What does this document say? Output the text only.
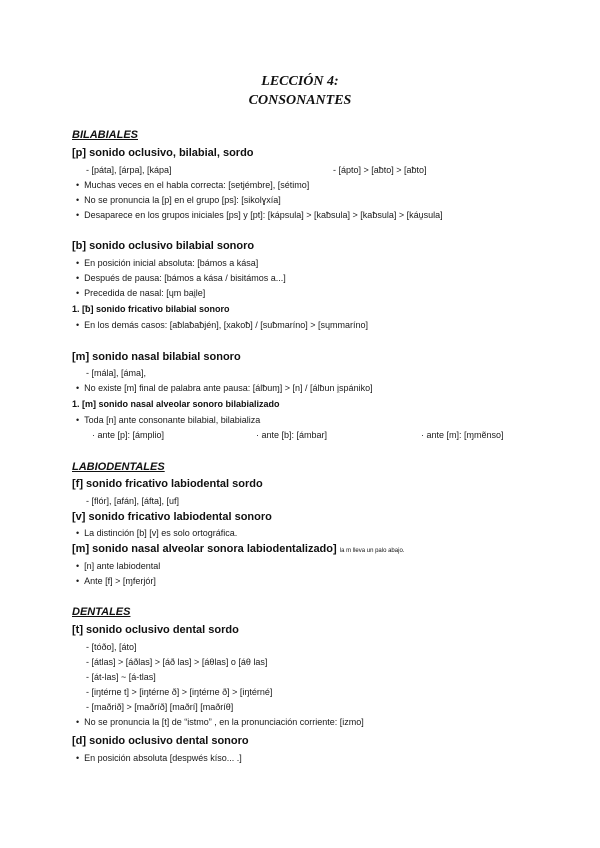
LECCIÓN 4:
CONSONANTES
BILABIALES
[p] sonido oclusivo, bilabial, sordo
- [páta], [árpa], [kápa]	- [ápto] > [aƀto] > [aƀto]
• Muchas veces en el habla correcta: [setjémbre], [sétimo]
• No se pronuncia la [p] en el grupo [ps]: [sikolɣxía]
• Desaparece en los grupos iniciales [ps] y [pt]: [kápsula] > [kaƀsula] > [kaƀsula] > [káu̯sula]
[b] sonido oclusivo bilabial sonoro
• En posición inicial absoluta: [bámos a kása]
• Después de pausa: [bámos a kása / bisitámos a...]
• Precedida de nasal: [ɥm bai̯le]
1. [ƀ] sonido fricativo bilabial sonoro
• En los demás casos: [aƀlaƀaƀjén], [xakoƀ] / [suƀmaríno] > [sɥmmaríno]
[m] sonido nasal bilabial sonoro
- [mála], [áma],
• No existe [m] final de palabra ante pausa: [álƀuɱ] > [n] / [álƀun i̯spániko]
1. [m] sonido nasal alveolar sonoro bilabializado
• Toda [n] ante consonante bilabial, bilabializa
· ante [p]: [ámplio]	· ante [b]: [ámbar]	· ante [m]: [ɱmẽnso]
LABIODENTALES
[f] sonido fricativo labiodental sordo
- [flór], [afán], [áfta], [uf]
[v] sonido fricativo labiodental sonoro
• La distinción [b] [v] es solo ortográfica.
[m] sonido nasal alveolar sonora labiodentalizado] la m lleva un palo abajo.
• [n] ante labiodental
• Ante [f] > [ɱferjór]
DENTALES
[t] sonido oclusivo dental sordo
- [tóðo], [áto]
- [átlas] > [áðlas] > [áð las] > [áθlas] o [áθ las]
- [át-las] ~ [á-tlas]
- [iŋtérne t] > [iŋtérne ð] > [iŋtérne ð] > [iŋtérné]
- [maðrið] > [maðríð] [maðrí] [maðríθ]
• No se pronuncia la [t] de “istmo” , en la pronunciación corriente: [izmo]
[d] sonido oclusivo dental sonoro
• En posición absoluta [despwés kíso... .]
